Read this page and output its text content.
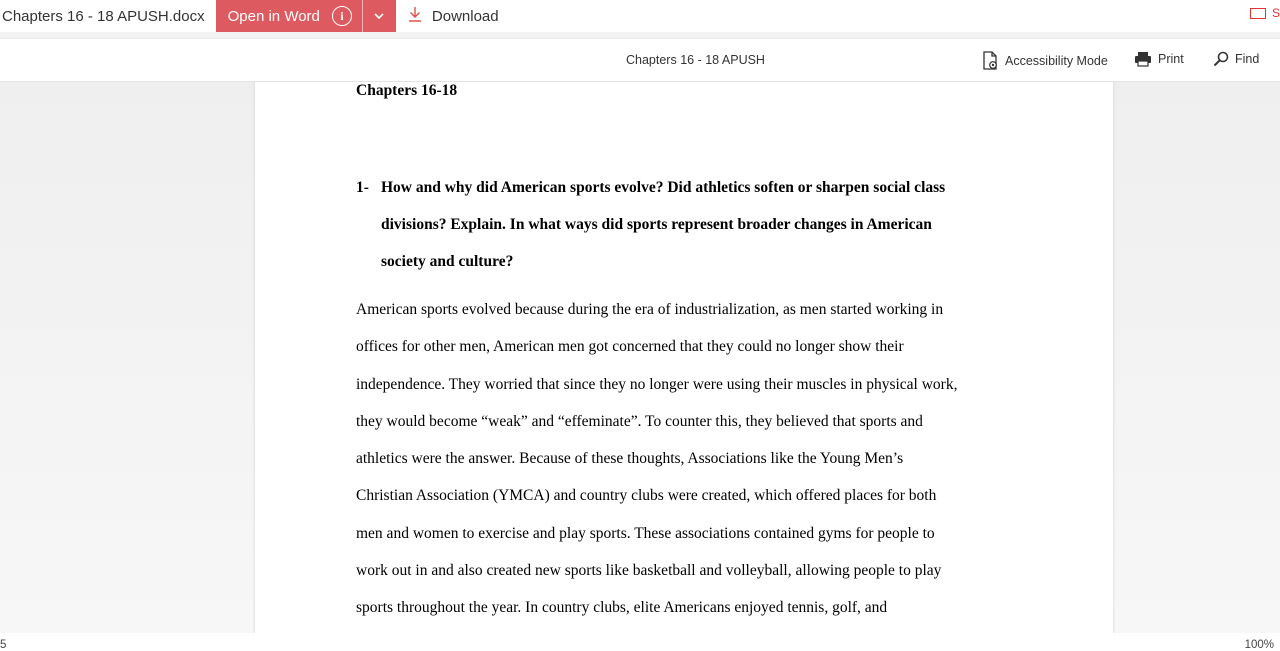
Chapters 16 - 18 APUSH.docx	Open in Word	i	Download	S
Chapters 16 - 18 APUSH	Accessibility Mode	Print	Find
Chapters 16-18
1- How and why did American sports evolve? Did athletics soften or sharpen social class
divisions? Explain. In what ways did sports represent broader changes in American
society and culture?
American sports evolved because during the era of industrialization, as men started working in
offices for other men, American men got concerned that they could no longer show their
independence. They worried that since they no longer were using their muscles in physical work,
they would become “weak” and “effeminate”. To counter this, they believed that sports and
athletics were the answer. Because of these thoughts, Associations like the Young Men’s
Christian Association (YMCA) and country clubs were created, which offered places for both
men and women to exercise and play sports. These associations contained gyms for people to
work out in and also created new sports like basketball and volleyball, allowing people to play
sports throughout the year. In country clubs, elite Americans enjoyed tennis, golf, and
5	100%
